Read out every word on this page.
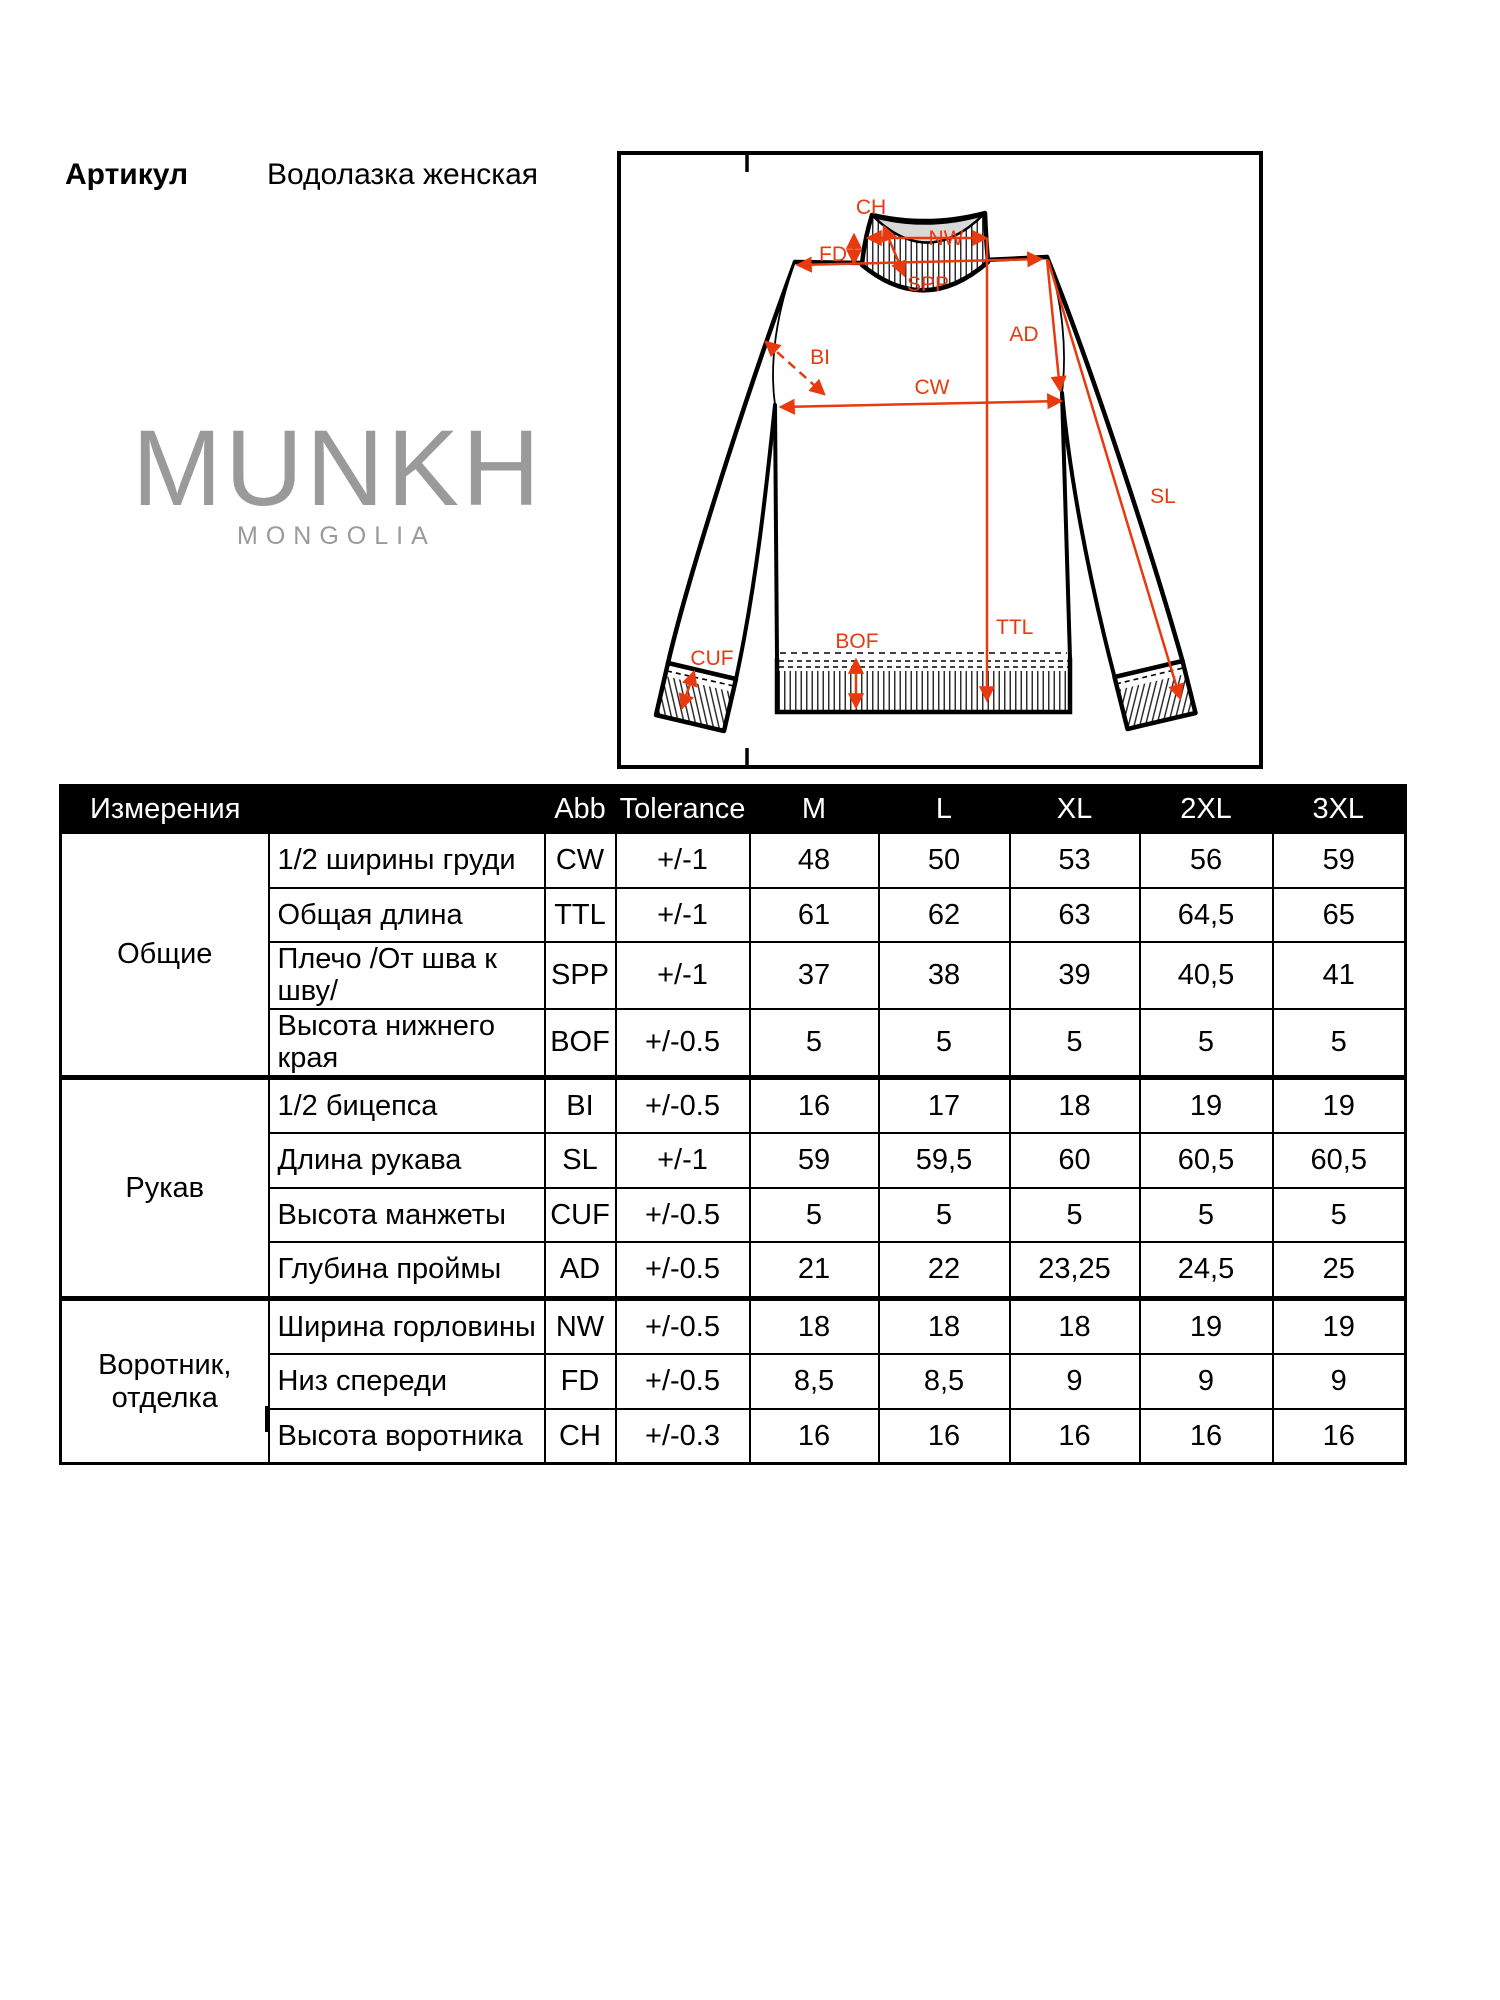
Артикул	Водолазка женская
MUNKH
MONGOLIA
CH
NW
FD
SPP
AD
BI
CW
SL
TTL
BOF
CUF
Измерения		Abb	Tolerance	M	L	XL	2XL	3XL
Общие	1/2 ширины груди	CW	+/-1	48	50	53	56	59
	Общая длина	TTL	+/-1	61	62	63	64,5	65
	Плечо /От шва к шву/	SPP	+/-1	37	38	39	40,5	41
	Высота нижнего края	BOF	+/-0.5	5	5	5	5	5
Рукав	1/2 бицепса	BI	+/-0.5	16	17	18	19	19
	Длина рукава	SL	+/-1	59	59,5	60	60,5	60,5
	Высота манжеты	CUF	+/-0.5	5	5	5	5	5
	Глубина проймы	AD	+/-0.5	21	22	23,25	24,5	25
Воротник, отделка	Ширина горловины	NW	+/-0.5	18	18	18	19	19
	Низ спереди	FD	+/-0.5	8,5	8,5	9	9	9
	Высота воротника	CH	+/-0.3	16	16	16	16	16
